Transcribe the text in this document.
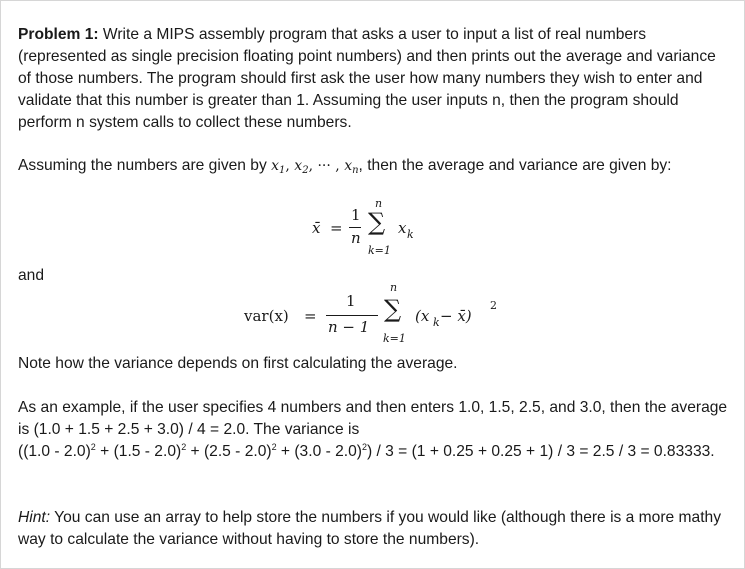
Problem 1: Write a MIPS assembly program that asks a user to input a list of real numbers (represented as single precision floating point numbers) and then prints out the average and variance of those numbers. The program should first ask the user how many numbers they wish to enter and validate that this number is greater than 1. Assuming the user inputs n, then the program should perform n system calls to collect these numbers.

Assuming the numbers are given by $x_1$, $x_2$, ··· , $x_n$, then the average and variance are given by:

x̄ =
1
n
n
∑
k=1
x k

and

var(x) =
1
n − 1
n
∑
k=1
(x k − x̄)
2

Note how the variance depends on first calculating the average.

As an example, if the user specifies 4 numbers and then enters 1.0, 1.5, 2.5, and 3.0, then the average is (1.0 + 1.5 + 2.5 + 3.0) / 4 = 2.0. The variance is
((1.0 - 2.0)$^2$ + (1.5 - 2.0)$^2$ + (2.5 - 2.0)$^2$ + (3.0 - 2.0)$^2$) / 3 = (1 + 0.25 + 0.25 + 1) / 3 = 2.5 / 3 = 0.83333.

Hint: You can use an array to help store the numbers if you would like (although there is a more mathy way to calculate the variance without having to store the numbers).
